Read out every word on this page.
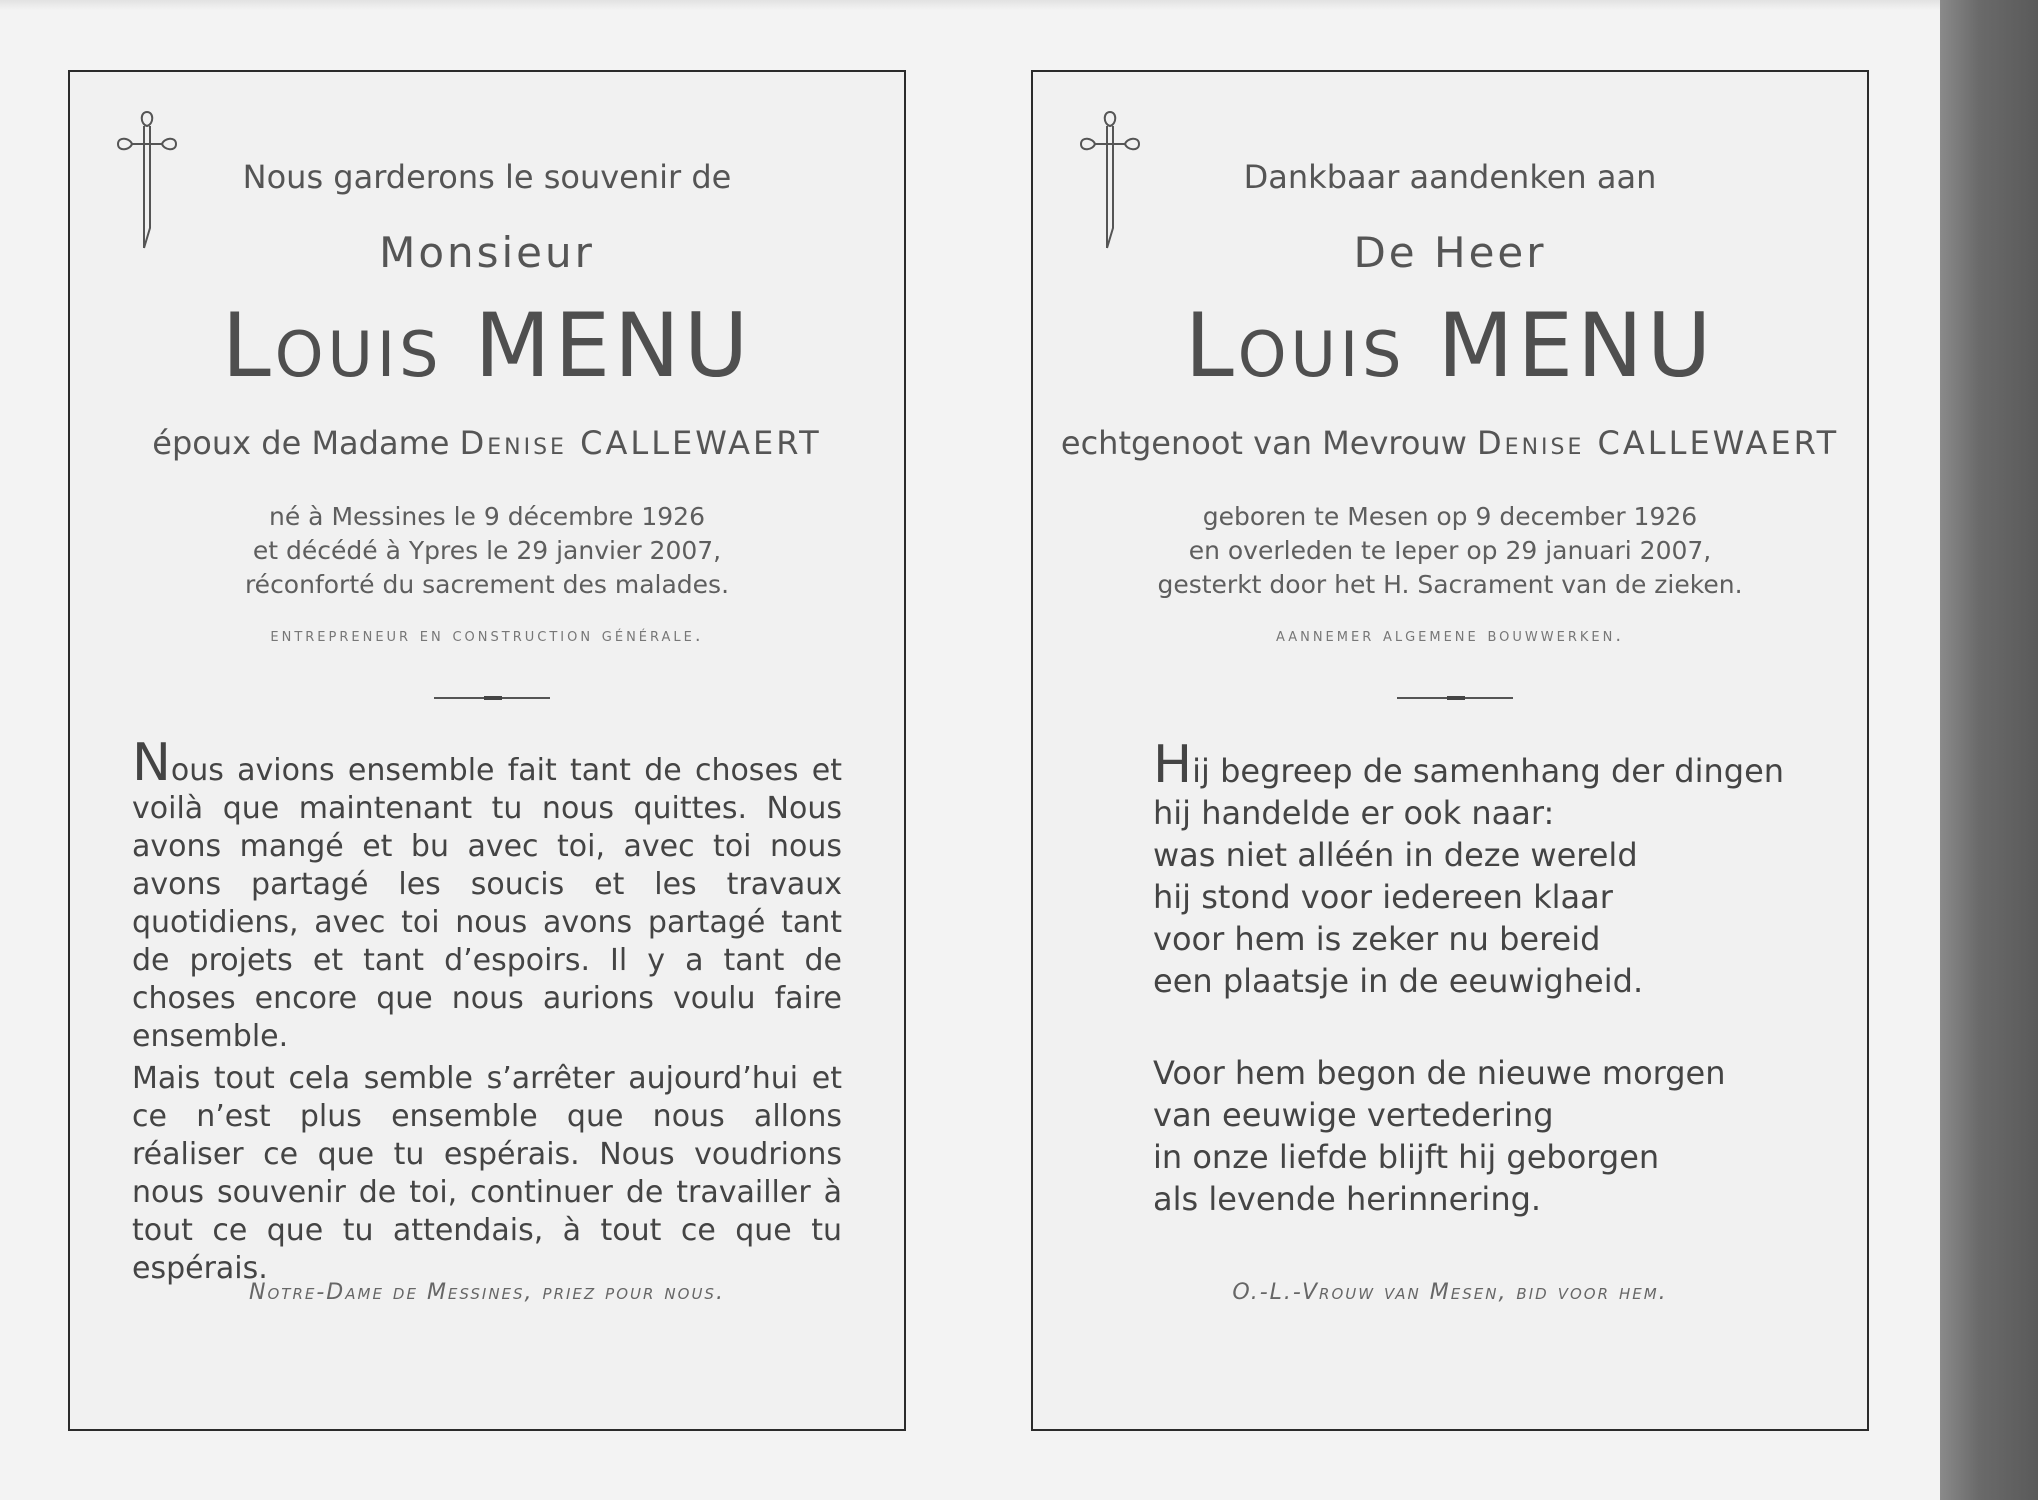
Nous garderons le souvenir de
Monsieur
Louis MENU
époux de Madame Denise CALLEWAERT
né à Messines le 9 décembre 1926
et décédé à Ypres le 29 janvier 2007,
réconforté du sacrement des malades.
entrepreneur en construction générale.

Nous avions ensemble fait tant de choses et voilà que maintenant tu nous quittes. Nous avons mangé et bu avec toi, avec toi nous avons partagé les soucis et les travaux quotidiens, avec toi nous avons partagé tant de projets et tant d’espoirs. Il y a tant de choses encore que nous aurions voulu faire ensemble.

Mais tout cela semble s’arrêter aujourd’hui et ce n’est plus ensemble que nous allons réaliser ce que tu espérais. Nous voudrions nous souvenir de toi, continuer de travailler à tout ce que tu attendais, à tout ce que tu espérais.

Notre-Dame de Messines, priez pour nous.
Dankbaar aandenken aan
De Heer
Louis MENU
echtgenoot van Mevrouw Denise CALLEWAERT
geboren te Mesen op 9 december 1926
en overleden te Ieper op 29 januari 2007,
gesterkt door het H. Sacrament van de zieken.
aannemer algemene bouwwerken.

Hij begreep de samenhang der dingen

hij handelde er ook naar:

was niet alléén in deze wereld

hij stond voor iedereen klaar

voor hem is zeker nu bereid

een plaatsje in de eeuwigheid.

Voor hem begon de nieuwe morgen

van eeuwige vertedering

in onze liefde blijft hij geborgen

als levende herinnering.

O.-L.-Vrouw van Mesen, bid voor hem.
